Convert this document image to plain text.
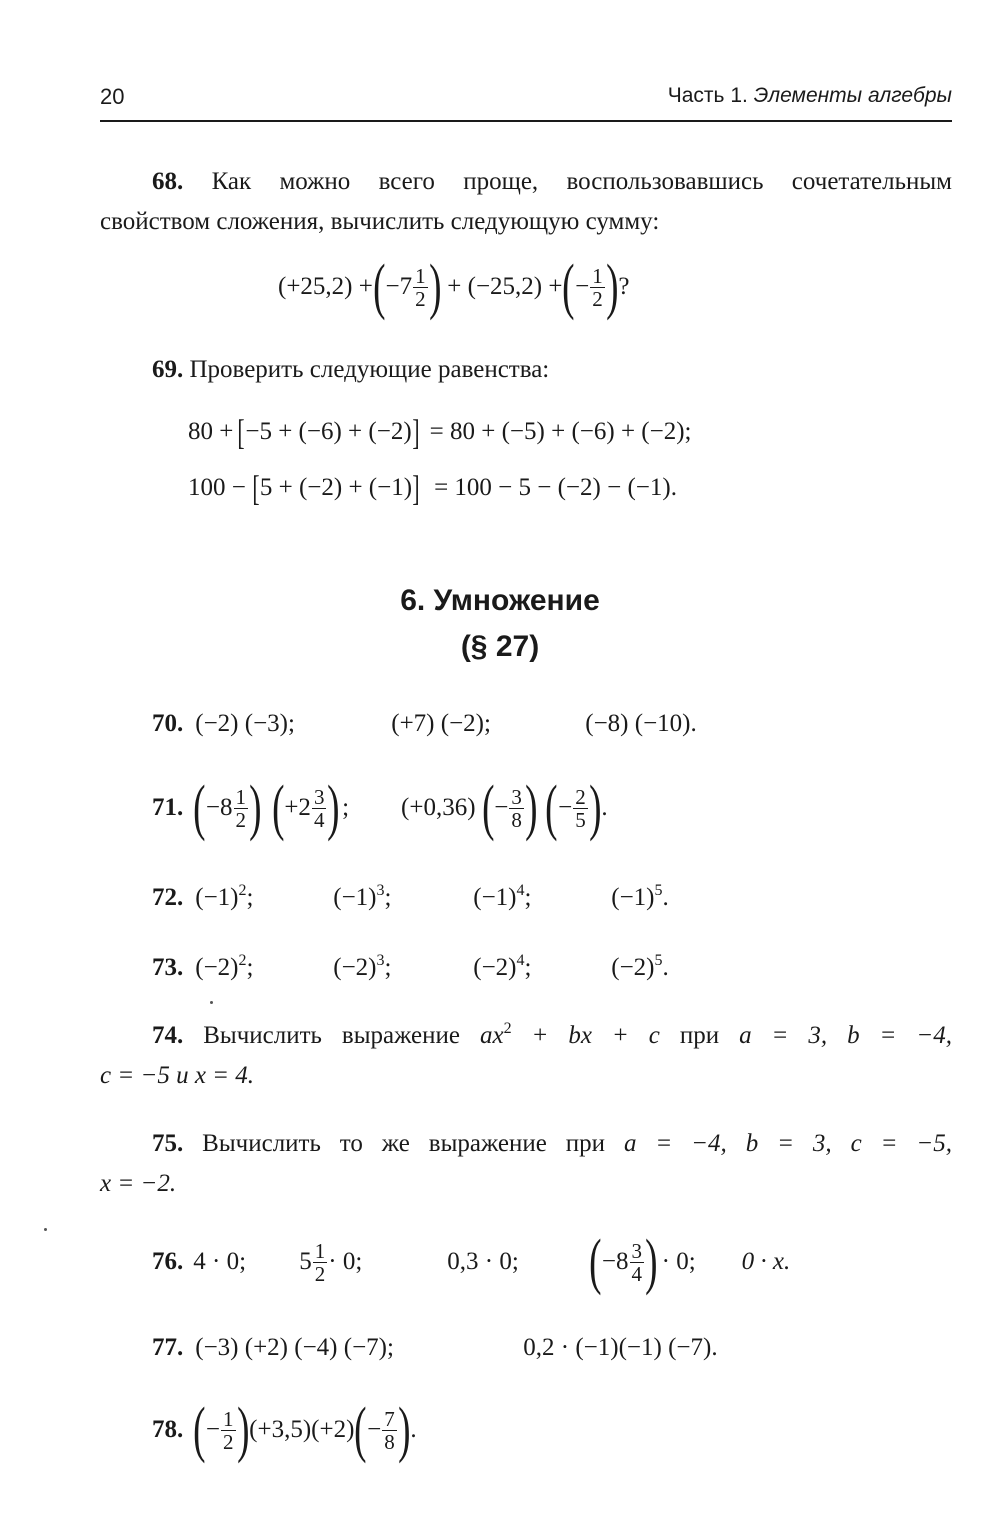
20	Часть 1. Элементы алгебры

68. Как можно всего проще, воспользовавшись сочетательным

свойством сложения, вычислить следующую сумму:

(+25,2) + ( $-7 \frac{1}{2}$ ) + (−25,2) + ( − $\frac{1}{2}$ ) ?

69. Проверить следующие равенства:

80 + [ −5 + (−6) + (−2) ] = 80 + (−5) + (−6) + (−2);
100 − [ 5 + (−2) + (−1) ] = 100 − 5 − (−2) − (−1).
6. Умножение
(§ 27)
70. (−2) (−3);	(+7) (−2);	(−8) (−10).
71. ( $-8 \frac{1}{2}$ ) ( $+2 \frac{3}{4}$ ) ; (+0,36) ( − $\frac{3}{8}$ ) ( − $\frac{2}{5}$ ) .
72. $(-1)^2$;	$(-1)^3$;	$(-1)^4$;	$(-1)^5$.
73. $(-2)^2$;	$(-2)^3$;	$(-2)^4$;	$(-2)^5$.

74. Вычислить выражение $ax^2$ + bx + c при a = 3, b = −4,

c = −5 и x = 4.

75. Вычислить то же выражение при a = −4, b = 3, c = −5,

x = −2.

76. 4 · 0;	$5 \frac{1}{2} \cdot 0$;	0,3 · 0;	( $-8 \frac{3}{4}$ ) · 0;	0 · x.
77. (−3) (+2) (−4) (−7);	0,2 · (−1)(−1) (−7).
78. ( − $\frac{1}{2}$ ) (+3,5)(+2) ( − $\frac{7}{8}$ ) .
